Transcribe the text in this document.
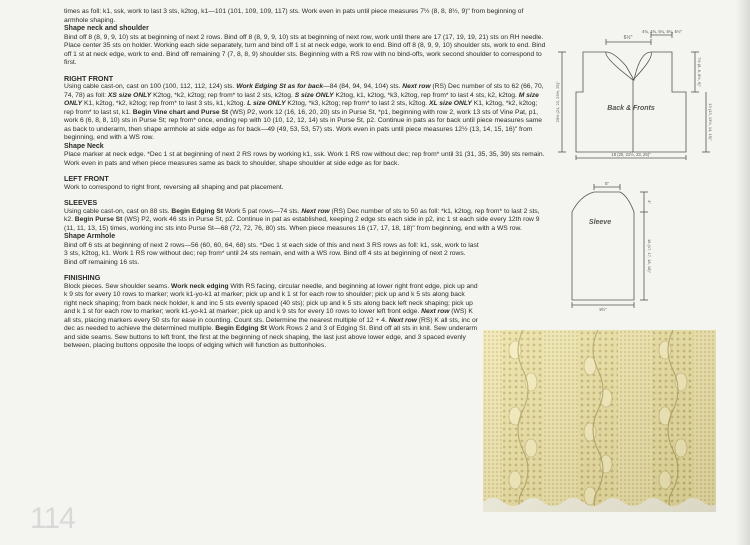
times as foll: k1, ssk, work to last 3 sts, k2tog, k1—101 (101, 109, 109, 117) sts. Work even in pats until piece measures 7½ (8, 8, 8½, 9)" from beginning of armhole shaping.

Shape neck and shoulder

Bind off 8 (8, 9, 9, 10) sts at beginning of next 2 rows. Bind off 8 (8, 9, 9, 10) sts at beginning of next row, work until there are 17 (17, 19, 19, 21) sts on RH needle. Place center 35 sts on holder. Working each side separately, turn and bind off 1 st at neck edge, work to end. Bind off 8 (8, 9, 9, 10) shoulder sts, work to end. Bind off 1 st at neck edge, work to end. Bind off remaining 7 (7, 8, 8, 9) shoulder sts. Beginning with a RS row with no bind-offs, work second shoulder to correspond to first.

RIGHT FRONT

Using cable cast-on, cast on 100 (100, 112, 112, 124) sts. Work Edging St as for back—84 (84, 94, 94, 104) sts. Next row (RS) Dec number of sts to 62 (66, 70, 74, 78) as foll: XS size ONLY K2tog, *k2, k2tog; rep from* to last 2 sts, k2tog. S size ONLY K2tog, k1, k2tog, *k3, k2tog, rep from* to last 4 sts, k2, k2tog. M size ONLY K1, k2tog, *k2, k2tog; rep from* to last 3 sts, k1, k2tog. L size ONLY K2tog, *k3, k2tog; rep from* to last 2 sts, k2tog. XL size ONLY K1, k2tog, *k2, k2tog; rep from* to last st, k1. Begin Vine chart and Purse St (WS) P2, work 12 (16, 16, 20, 20) sts in Purse St, *p1, beginning with row 2, work 13 sts of Vine Pat, p1, work 6 (6, 8, 8, 10) sts in Purse St; rep from* once, ending rep with 10 (10, 12, 12, 14) sts in Purse St, p2. Continue in pats as for back until piece measures same as back to underarm, then shape armhole at side edge as for back—49 (49, 53, 53, 57) sts. Work even in pats until piece measures 12½ (13, 14, 15, 16)" from beginning, end with a WS row.

Shape Neck

Place marker at neck edge. *Dec 1 st at beginning of next 2 RS rows by working k1, ssk. Work 1 RS row without dec; rep from* until 31 (31, 35, 35, 39) sts remain. Work even in pats and when piece measures same as back to shoulder, shape shoulder at side edge as for back.

LEFT FRONT

Work to correspond to right front, reversing all shaping and pat placement.

SLEEVES

Using cable cast-on, cast on 88 sts. Begin Edging St Work 5 pat rows—74 sts. Next row (RS) Dec number of sts to 50 as foll: *k1, k2tog, rep from* to last 2 sts, k2. Begin Purse St (WS) P2, work 46 sts in Purse St, p2. Continue in pat as established, keeping 2 edge sts each side in p2, inc 1 st each side every 12th row 9 (11, 11, 13, 15) times, working inc sts into Purse St—68 (72, 72, 76, 80) sts. When piece measures 16 (17, 17, 18, 18)" from beginning, end with a WS row.

Shape Armhole

Bind off 6 sts at beginning of next 2 rows—56 (60, 60, 64, 68) sts. *Dec 1 st each side of this and next 3 RS rows as foll: k1, ssk, work to last 3 sts, k2tog, k1. Work 1 RS row without dec; rep from* until 24 sts remain, end with a WS row. Bind off 4 sts at beginning of next 2 rows. Bind off remaining 16 sts.

FINISHING

Block pieces. Sew shoulder seams. Work neck edging With RS facing, circular needle, and beginning at lower right front edge, pick up and k 9 sts for every 10 rows to marker; work k1-yo-k1 at marker; pick up and k 1 st for each row to shoulder; pick up and k 5 sts along back right neck shaping; from back neck holder, k and inc 5 sts evenly spaced (40 sts); pick up and k 5 sts along back left neck shaping; pick up and k 1 st for each row to marker; work k1-yo-k1 at marker; pick up and k 9 sts for every 10 rows to lower left front edge. Next row (WS) K all sts, placing markers every 50 sts for ease in counting. Count sts. Determine the nearest multiple of 12 + 4. Next row (RS) K all sts, inc or dec as needed to achieve the determined multiple. Begin Edging St Work Rows 2 and 3 of Edging St. Bind off all sts in knit. Sew underarm and side seams. Sew buttons to left front, the first at the beginning of neck shaping, the last just above lower edge, and 3 spaced evenly between, placing buttons opposite the loops of edging which will function as buttonholes.

114
6½"
4¾, 4¾, 5¼, 5¼, 5½"
Back & Fronts
7½ (8, 8, 8½, 9)"
13 (13, 13½, 14, 15)"
20½ (21, 22, 23½, 25)"
18 (20, 21½, 23, 25)"
5"
Sleeve
4"
16 (17, 17, 18, 18)"
9½"
